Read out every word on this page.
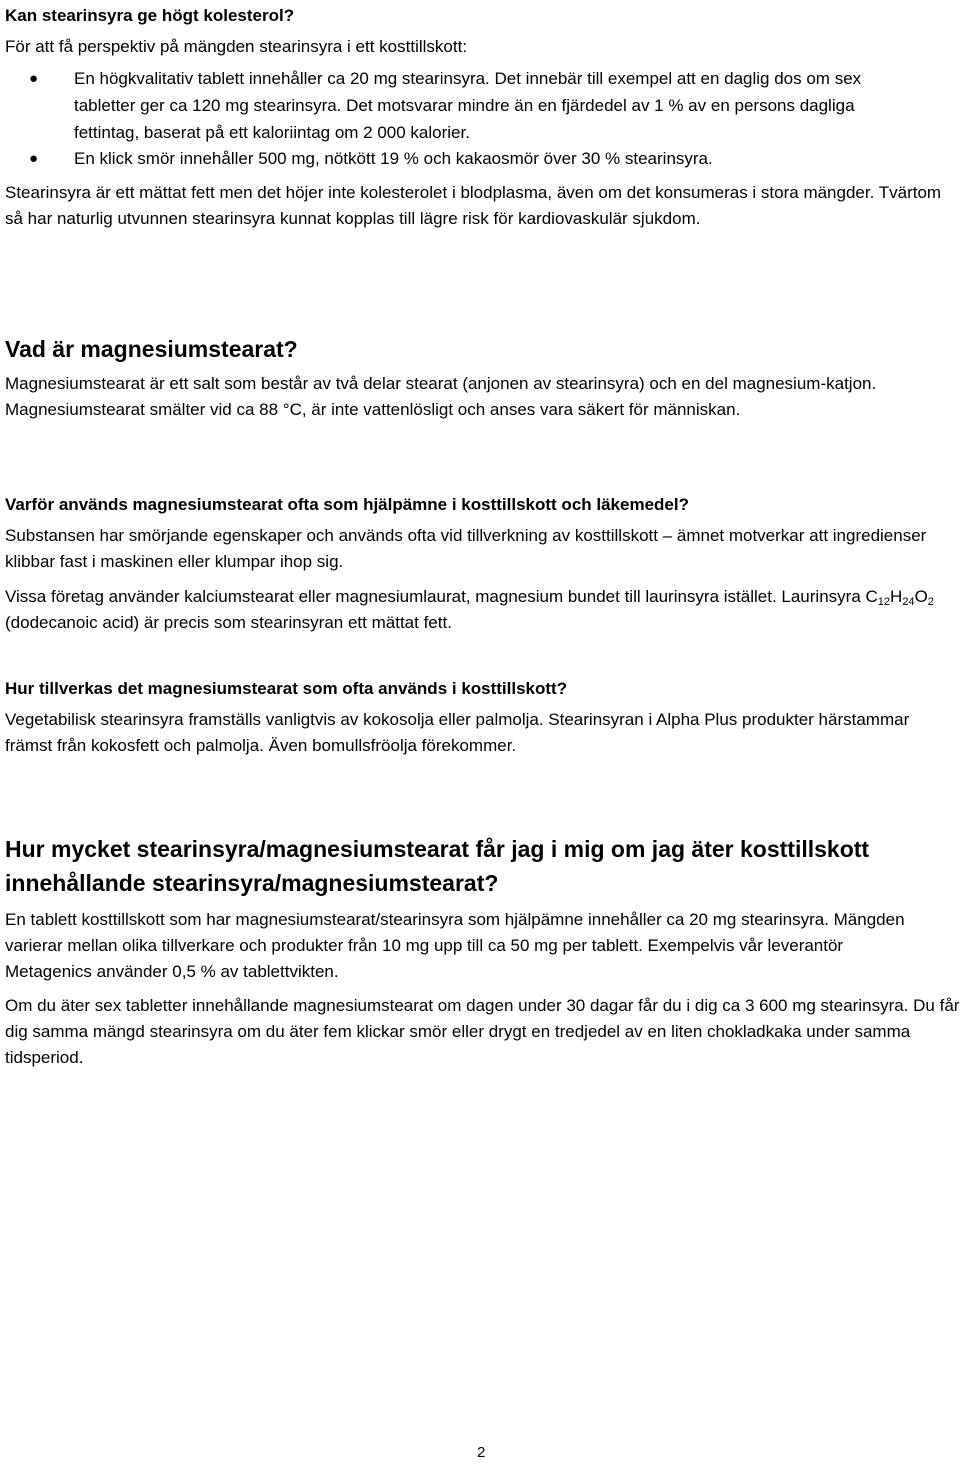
Kan stearinsyra ge högt kolesterol?

För att få perspektiv på mängden stearinsyra i ett kosttillskott:

● En högkvalitativ tablett innehåller ca 20 mg stearinsyra. Det innebär till exempel att en daglig dos om sex tabletter ger ca 120 mg stearinsyra. Det motsvarar mindre än en fjärdedel av 1 % av en persons dagliga fettintag, baserat på ett kaloriintag om 2 000 kalorier.
● En klick smör innehåller 500 mg, nötkött 19 % och kakaosmör över 30 % stearinsyra.

Stearinsyra är ett mättat fett men det höjer inte kolesterolet i blodplasma, även om det konsumeras i stora mängder. Tvärtom så har naturlig utvunnen stearinsyra kunnat kopplas till lägre risk för kardiovaskulär sjukdom.

Vad är magnesiumstearat?

Magnesiumstearat är ett salt som består av två delar stearat (anjonen av stearinsyra) och en del magnesium-katjon. Magnesiumstearat smälter vid ca 88 °C, är inte vattenlösligt och anses vara säkert för människan.

Varför används magnesiumstearat ofta som hjälpämne i kosttillskott och läkemedel?

Substansen har smörjande egenskaper och används ofta vid tillverkning av kosttillskott – ämnet motverkar att ingredienser klibbar fast i maskinen eller klumpar ihop sig.

Vissa företag använder kalciumstearat eller magnesiumlaurat, magnesium bundet till laurinsyra istället. Laurinsyra $C_{12}H_{24}O_2$ (dodecanoic acid) är precis som stearinsyran ett mättat fett.

Hur tillverkas det magnesiumstearat som ofta används i kosttillskott?

Vegetabilisk stearinsyra framställs vanligtvis av kokosolja eller palmolja. Stearinsyran i Alpha Plus produkter härstammar främst från kokosfett och palmolja. Även bomullsfröolja förekommer.

Hur mycket stearinsyra/magnesiumstearat får jag i mig om jag äter kosttillskott innehållande stearinsyra/magnesiumstearat?

En tablett kosttillskott som har magnesiumstearat/stearinsyra som hjälpämne innehåller ca 20 mg stearinsyra. Mängden varierar mellan olika tillverkare och produkter från 10 mg upp till ca 50 mg per tablett. Exempelvis vår leverantör Metagenics använder 0,5 % av tablettvikten.

Om du äter sex tabletter innehållande magnesiumstearat om dagen under 30 dagar får du i dig ca 3 600 mg stearinsyra. Du får dig samma mängd stearinsyra om du äter fem klickar smör eller drygt en tredjedel av en liten chokladkaka under samma tidsperiod.

2
